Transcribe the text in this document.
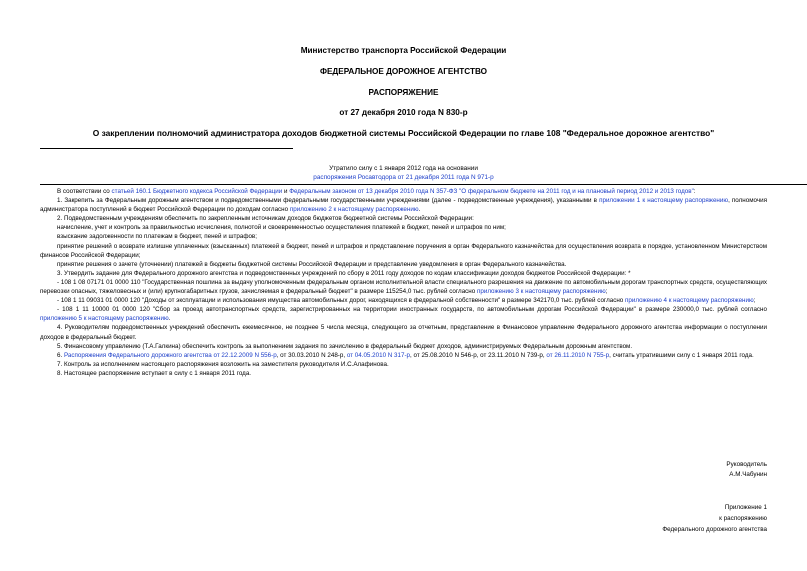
Министерство транспорта Российской Федерации
ФЕДЕРАЛЬНОЕ ДОРОЖНОЕ АГЕНТСТВО
РАСПОРЯЖЕНИЕ
от 27 декабря 2010 года N 830-р
О закреплении полномочий администратора доходов бюджетной системы Российской Федерации по главе 108 "Федеральное дорожное агентство"
Утратило силу с 1 января 2012 года на основании
распоряжения Росавтодора от 21 декабря 2011 года N 971-р

В соответствии со статьей 160.1 Бюджетного кодекса Российской Федерации и Федеральным законом от 13 декабря 2010 года N 357-ФЗ "О федеральном бюджете на 2011 год и на плановый период 2012 и 2013 годов":

1. Закрепить за Федеральным дорожным агентством и подведомственными федеральными государственными учреждениями (далее - подведомственные учреждения), указанными в приложении 1 к настоящему распоряжению, полномочия администратора поступлений в бюджет Российской Федерации по доходам согласно приложению 2 к настоящему распоряжению.

2. Подведомственным учреждениям обеспечить по закрепленным источникам доходов бюджетов бюджетной системы Российской Федерации:

начисление, учет и контроль за правильностью исчисления, полнотой и своевременностью осуществления платежей в бюджет, пеней и штрафов по ним;

взыскание задолженности по платежам в бюджет, пеней и штрафов;

принятие решений о возврате излишне уплаченных (взысканных) платежей в бюджет, пеней и штрафов и представление поручения в орган Федерального казначейства для осуществления возврата в порядке, установленном Министерством финансов Российской Федерации;

принятие решения о зачете (уточнении) платежей в бюджеты бюджетной системы Российской Федерации и представление уведомления в орган Федерального казначейства.

3. Утвердить задание для Федерального дорожного агентства и подведомственных учреждений по сбору в 2011 году доходов по кодам классификации доходов бюджетов Российской Федерации: *

- 108 1 08 07171 01 0000 110 "Государственная пошлина за выдачу уполномоченным федеральным органом исполнительной власти специального разрешения на движение по автомобильным дорогам транспортных средств, осуществляющих перевозки опасных, тяжеловесных и (или) крупногабаритных грузов, зачисляемая в федеральный бюджет" в размере 115254,0 тыс. рублей согласно приложению 3 к настоящему распоряжению;

- 108 1 11 09031 01 0000 120 "Доходы от эксплуатации и использования имущества автомобильных дорог, находящихся в федеральной собственности" в размере 342170,0 тыс. рублей согласно приложению 4 к настоящему распоряжению;

- 108 1 11 10000 01 0000 120 "Сбор за проезд автотранспортных средств, зарегистрированных на территории иностранных государств, по автомобильным дорогам Российской Федерации" в размере 230000,0 тыс. рублей согласно приложению 5 к настоящему распоряжению.

4. Руководителям подведомственных учреждений обеспечить ежемесячное, не позднее 5 числа месяца, следующего за отчетным, представление в Финансовое управление Федерального дорожного агентства информации о поступлении доходов в федеральный бюджет.

5. Финансовому управлению (Т.А.Галкина) обеспечить контроль за выполнением задания по зачислению в федеральный бюджет доходов, администрируемых Федеральным дорожным агентством.

6. Распоряжения Федерального дорожного агентства от 22.12.2009 N 556-р, от 30.03.2010 N 248-р, от 04.05.2010 N 317-р, от 25.08.2010 N 546-р, от 23.11.2010 N 739-р, от 26.11.2010 N 755-р, считать утратившими силу с 1 января 2011 года.

7. Контроль за исполнением настоящего распоряжения возложить на заместителя руководителя И.С.Алафинова.

8. Настоящее распоряжение вступает в силу с 1 января 2011 года.

Руководитель
А.М.Чабунин
Приложение 1
к распоряжению
Федерального дорожного агентства
